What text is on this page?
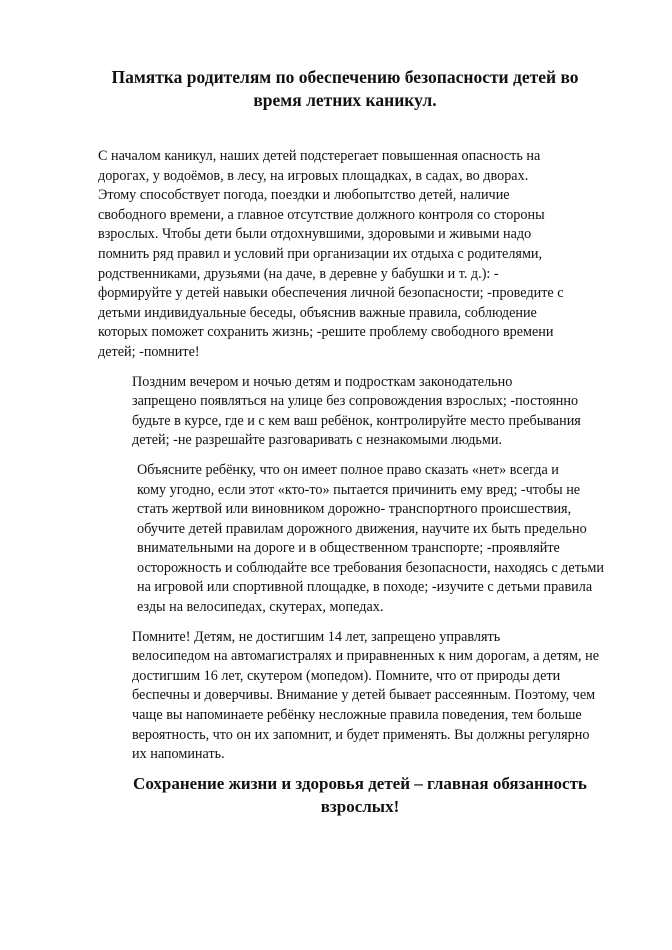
Памятка родителям по обеспечению безопасности детей во
время летних каникул.

С началом каникул, наших детей подстерегает повышенная опасность на
дорогах, у водоёмов, в лесу, на игровых площадках, в садах, во дворах.
Этому способствует погода, поездки и любопытство детей, наличие
свободного времени, а главное отсутствие должного контроля со стороны
взрослых. Чтобы дети были отдохнувшими, здоровыми и живыми надо
помнить ряд правил и условий при организации их отдыха с родителями,
родственниками, друзьями (на даче, в деревне у бабушки и т. д.): -
формируйте у детей навыки обеспечения личной безопасности; -проведите с
детьми индивидуальные беседы, объяснив важные правила, соблюдение
которых поможет сохранить жизнь; -решите проблему свободного времени
детей; -помните!

Поздним вечером и ночью детям и подросткам законодательно
запрещено появляться на улице без сопровождения взрослых; -постоянно
будьте в курсе, где и с кем ваш ребёнок, контролируйте место пребывания
детей; -не разрешайте разговаривать с незнакомыми людьми.

Объясните ребёнку, что он имеет полное право сказать «нет» всегда и
кому угодно, если этот «кто-то» пытается причинить ему вред; -чтобы не
стать жертвой или виновником дорожно- транспортного происшествия,
обучите детей правилам дорожного движения, научите их быть предельно
внимательными на дороге и в общественном транспорте; -проявляйте
осторожность и соблюдайте все требования безопасности, находясь с детьми
на игровой или спортивной площадке, в походе; -изучите с детьми правила
езды на велосипедах, скутерах, мопедах.

Помните! Детям, не достигшим 14 лет, запрещено управлять
велосипедом на автомагистралях и приравненных к ним дорогам, а детям, не
достигшим 16 лет, скутером (мопедом). Помните, что от природы дети
беспечны и доверчивы. Внимание у детей бывает рассеянным. Поэтому, чем
чаще вы напоминаете ребёнку несложные правила поведения, тем больше
вероятность, что он их запомнит, и будет применять. Вы должны регулярно
их напоминать.

Сохранение жизни и здоровья детей – главная обязанность
взрослых!
